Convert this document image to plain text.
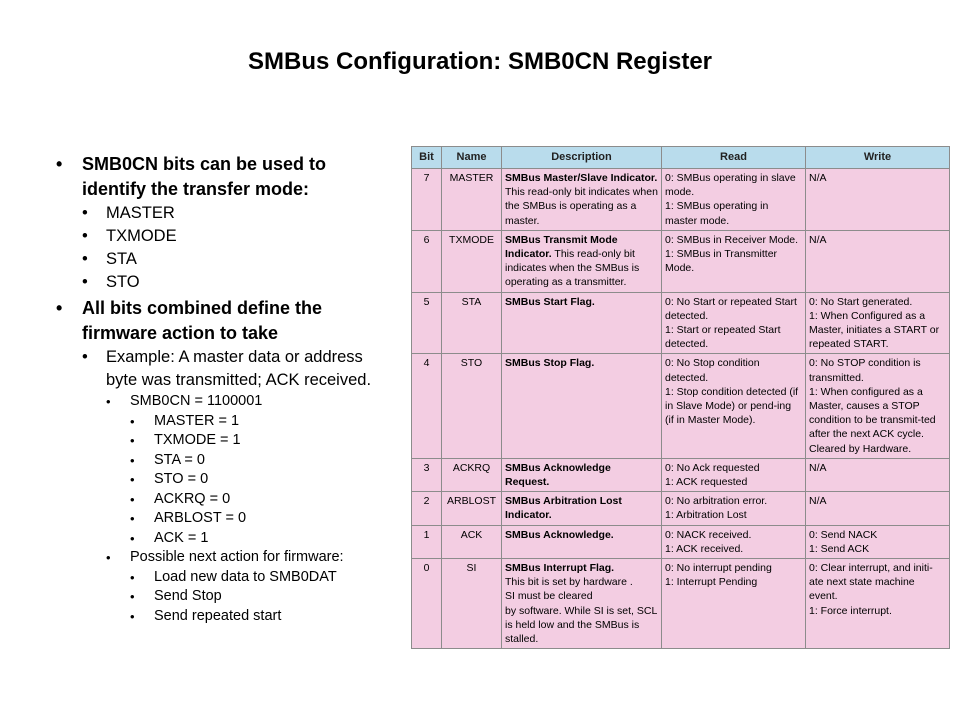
SMBus Configuration: SMB0CN Register
• SMB0CN bits can be used to identify the transfer mode:
• MASTER
• TXMODE
• STA
• STO
• All bits combined define the firmware action to take
• Example: A master data or address byte was transmitted; ACK received.
• SMB0CN = 1100001
• MASTER = 1
• TXMODE = 1
• STA = 0
• STO = 0
• ACKRQ = 0
• ARBLOST = 0
• ACK = 1
• Possible next action for firmware:
• Load new data to SMB0DAT
• Send Stop
• Send repeated start
Bit	Name	Description	Read	Write
7	MASTER	SMBus Master/Slave Indicator. This read-only bit indicates when the SMBus is operating as a master.	0: SMBus operating in slave mode.
1: SMBus operating in master mode.	N/A
6	TXMODE	SMBus Transmit Mode Indicator. This read-only bit indicates when the SMBus is operating as a transmitter.	0: SMBus in Receiver Mode.
1: SMBus in Transmitter Mode.	N/A
5	STA	SMBus Start Flag.	0: No Start or repeated Start detected.
1: Start or repeated Start detected.	0: No Start generated.
1: When Configured as a Master, initiates a START or repeated START.
4	STO	SMBus Stop Flag.	0: No Stop condition detected.
1: Stop condition detected (if in Slave Mode) or pend-ing (if in Master Mode).	0: No STOP condition is transmitted.
1: When configured as a Master, causes a STOP condition to be transmit-ted after the next ACK cycle.
Cleared by Hardware.
3	ACKRQ	SMBus Acknowledge Request.	0: No Ack requested
1: ACK requested	N/A
2	ARBLOST	SMBus Arbitration Lost Indicator.	0: No arbitration error.
1: Arbitration Lost	N/A
1	ACK	SMBus Acknowledge.	0: NACK received.
1: ACK received.	0: Send NACK
1: Send ACK
0	SI	SMBus Interrupt Flag.
This bit is set by hardware .
SI must be cleared
by software. While SI is set, SCL is held low and the SMBus is stalled.	0: No interrupt pending
1: Interrupt Pending	0: Clear interrupt, and initi-ate next state machine event.
1: Force interrupt.
